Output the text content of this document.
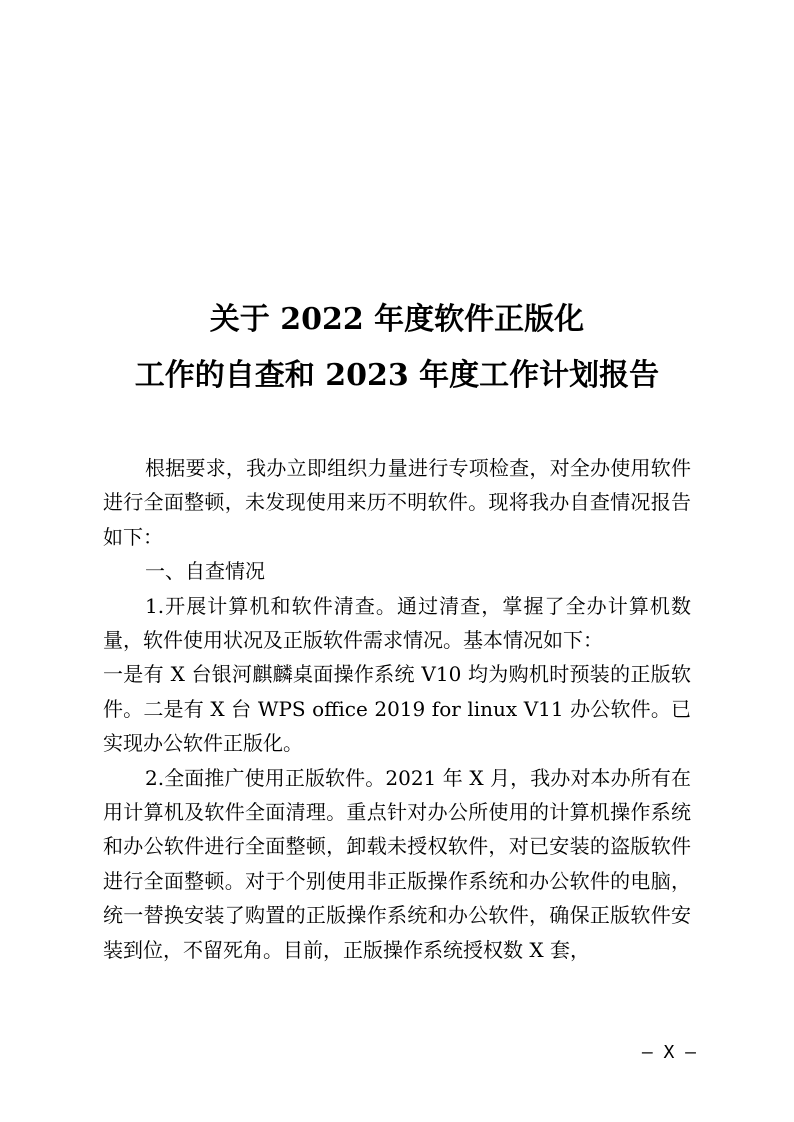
关于 2022 年度软件正版化
工作的自查和 2023 年度工作计划报告

根据要求，我办立即组织力量进行专项检查，对全办使用软件进行全面整顿，未发现使用来历不明软件。现将我办自查情况报告如下：

一、自查情况

1.开展计算机和软件清查。通过清查，掌握了全办计算机数量，软件使用状况及正版软件需求情况。基本情况如下：

一是有 X 台银河麒麟桌面操作系统 V10 均为购机时预装的正版软件。二是有 X 台 WPS office 2019 for linux V11 办公软件。已实现办公软件正版化。

2.全面推广使用正版软件。2021 年 X 月，我办对本办所有在用计算机及软件全面清理。重点针对办公所使用的计算机操作系统和办公软件进行全面整顿，卸载未授权软件，对已安装的盗版软件进行全面整顿。对于个别使用非正版操作系统和办公软件的电脑，统一替换安装了购置的正版操作系统和办公软件，确保正版软件安装到位，不留死角。目前，正版操作系统授权数 X 套，

— X —
